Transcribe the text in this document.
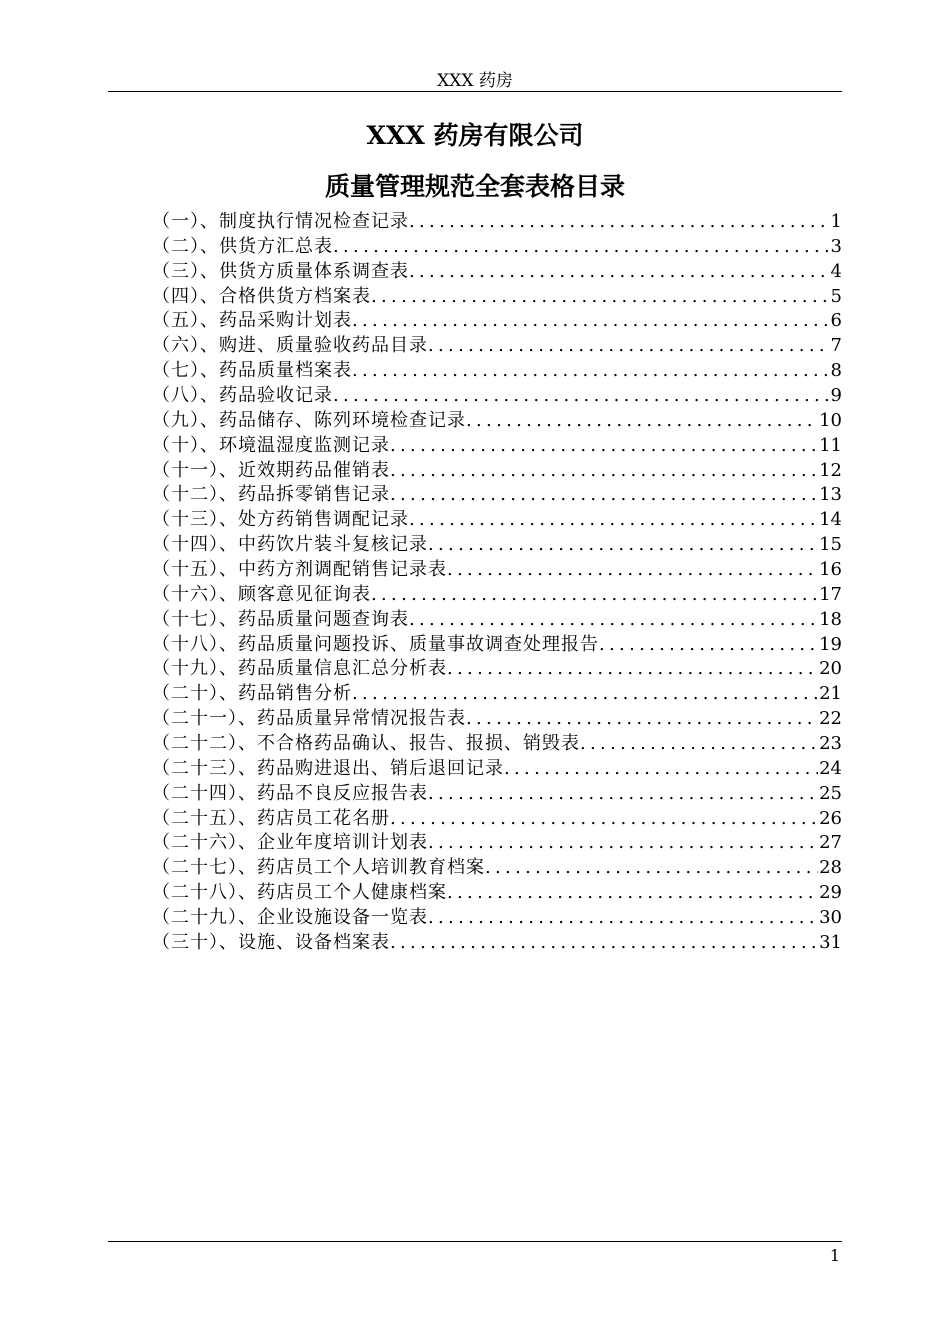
XXX 药房
XXX 药房有限公司
质量管理规范全套表格目录
（一）、制度执行情况检查记录 .....	1
（二）、供货方汇总表 .....	3
（三）、供货方质量体系调查表 .....	4
（四）、合格供货方档案表 .....	5
（五）、药品采购计划表 .....	6
（六）、购进、质量验收药品目录 .....	7
（七）、药品质量档案表 .....	8
（八）、药品验收记录 .....	9
（九）、药品储存、陈列环境检查记录 .....	10
（十）、环境温湿度监测记录 .....	11
（十一）、近效期药品催销表 .....	12
（十二）、药品拆零销售记录 .....	13
（十三）、处方药销售调配记录 .....	14
（十四）、中药饮片装斗复核记录 .....	15
（十五）、中药方剂调配销售记录表 .....	16
（十六）、顾客意见征询表 .....	17
（十七）、药品质量问题查询表 .....	18
（十八）、药品质量问题投诉、质量事故调查处理报告 .....	19
（十九）、药品质量信息汇总分析表 .....	20
（二十）、药品销售分析 .....	21
（二十一）、药品质量异常情况报告表 .....	22
（二十二）、不合格药品确认、报告、报损、销毁表 .....	23
（二十三）、药品购进退出、销后退回记录 .....	24
（二十四）、药品不良反应报告表 .....	25
（二十五）、药店员工花名册 .....	26
（二十六）、企业年度培训计划表 .....	27
（二十七）、药店员工个人培训教育档案 .....	28
（二十八）、药店员工个人健康档案 .....	29
（二十九）、企业设施设备一览表 .....	30
（三十）、设施、设备档案表 .....	31
1
